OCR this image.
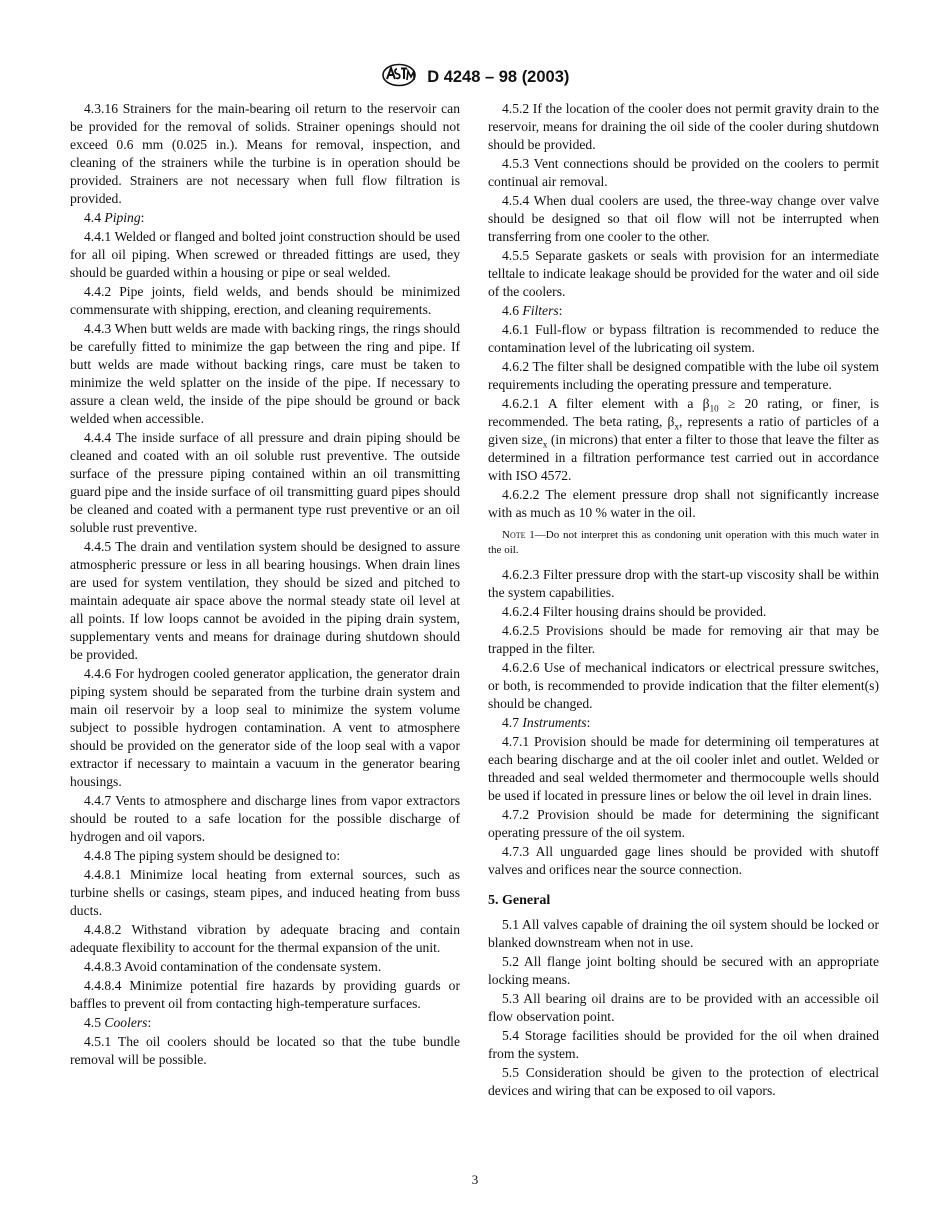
D 4248 – 98 (2003)

4.3.16 Strainers for the main-bearing oil return to the reservoir can be provided for the removal of solids. Strainer openings should not exceed 0.6 mm (0.025 in.). Means for removal, inspection, and cleaning of the strainers while the turbine is in operation should be provided. Strainers are not necessary when full flow filtration is provided.

4.4 Piping:

4.4.1 Welded or flanged and bolted joint construction should be used for all oil piping. When screwed or threaded fittings are used, they should be guarded within a housing or pipe or seal welded.

4.4.2 Pipe joints, field welds, and bends should be minimized commensurate with shipping, erection, and cleaning requirements.

4.4.3 When butt welds are made with backing rings, the rings should be carefully fitted to minimize the gap between the ring and pipe. If butt welds are made without backing rings, care must be taken to minimize the weld splatter on the inside of the pipe. If necessary to assure a clean weld, the inside of the pipe should be ground or back welded when accessible.

4.4.4 The inside surface of all pressure and drain piping should be cleaned and coated with an oil soluble rust preventive. The outside surface of the pressure piping contained within an oil transmitting guard pipe and the inside surface of oil transmitting guard pipes should be cleaned and coated with a permanent type rust preventive or an oil soluble rust preventive.

4.4.5 The drain and ventilation system should be designed to assure atmospheric pressure or less in all bearing housings. When drain lines are used for system ventilation, they should be sized and pitched to maintain adequate air space above the normal steady state oil level at all points. If low loops cannot be avoided in the piping drain system, supplementary vents and means for drainage during shutdown should be provided.

4.4.6 For hydrogen cooled generator application, the generator drain piping system should be separated from the turbine drain system and main oil reservoir by a loop seal to minimize the system volume subject to possible hydrogen contamination. A vent to atmosphere should be provided on the generator side of the loop seal with a vapor extractor if necessary to maintain a vacuum in the generator bearing housings.

4.4.7 Vents to atmosphere and discharge lines from vapor extractors should be routed to a safe location for the possible discharge of hydrogen and oil vapors.

4.4.8 The piping system should be designed to:

4.4.8.1 Minimize local heating from external sources, such as turbine shells or casings, steam pipes, and induced heating from buss ducts.

4.4.8.2 Withstand vibration by adequate bracing and contain adequate flexibility to account for the thermal expansion of the unit.

4.4.8.3 Avoid contamination of the condensate system.

4.4.8.4 Minimize potential fire hazards by providing guards or baffles to prevent oil from contacting high-temperature surfaces.

4.5 Coolers:

4.5.1 The oil coolers should be located so that the tube bundle removal will be possible.

4.5.2 If the location of the cooler does not permit gravity drain to the reservoir, means for draining the oil side of the cooler during shutdown should be provided.

4.5.3 Vent connections should be provided on the coolers to permit continual air removal.

4.5.4 When dual coolers are used, the three-way change over valve should be designed so that oil flow will not be interrupted when transferring from one cooler to the other.

4.5.5 Separate gaskets or seals with provision for an intermediate telltale to indicate leakage should be provided for the water and oil side of the coolers.

4.6 Filters:

4.6.1 Full-flow or bypass filtration is recommended to reduce the contamination level of the lubricating oil system.

4.6.2 The filter shall be designed compatible with the lube oil system requirements including the operating pressure and temperature.

4.6.2.1 A filter element with a $\beta_{10} \ge 20$ rating, or finer, is recommended. The beta rating, $\beta_x$, represents a ratio of particles of a given size$_x$ (in microns) that enter a filter to those that leave the filter as determined in a filtration performance test carried out in accordance with ISO 4572.

4.6.2.2 The element pressure drop shall not significantly increase with as much as 10 % water in the oil.

Note 1—Do not interpret this as condoning unit operation with this much water in the oil.

4.6.2.3 Filter pressure drop with the start-up viscosity shall be within the system capabilities.

4.6.2.4 Filter housing drains should be provided.

4.6.2.5 Provisions should be made for removing air that may be trapped in the filter.

4.6.2.6 Use of mechanical indicators or electrical pressure switches, or both, is recommended to provide indication that the filter element(s) should be changed.

4.7 Instruments:

4.7.1 Provision should be made for determining oil temperatures at each bearing discharge and at the oil cooler inlet and outlet. Welded or threaded and seal welded thermometer and thermocouple wells should be used if located in pressure lines or below the oil level in drain lines.

4.7.2 Provision should be made for determining the significant operating pressure of the oil system.

4.7.3 All unguarded gage lines should be provided with shutoff valves and orifices near the source connection.

5. General

5.1 All valves capable of draining the oil system should be locked or blanked downstream when not in use.

5.2 All flange joint bolting should be secured with an appropriate locking means.

5.3 All bearing oil drains are to be provided with an accessible oil flow observation point.

5.4 Storage facilities should be provided for the oil when drained from the system.

5.5 Consideration should be given to the protection of electrical devices and wiring that can be exposed to oil vapors.

3
